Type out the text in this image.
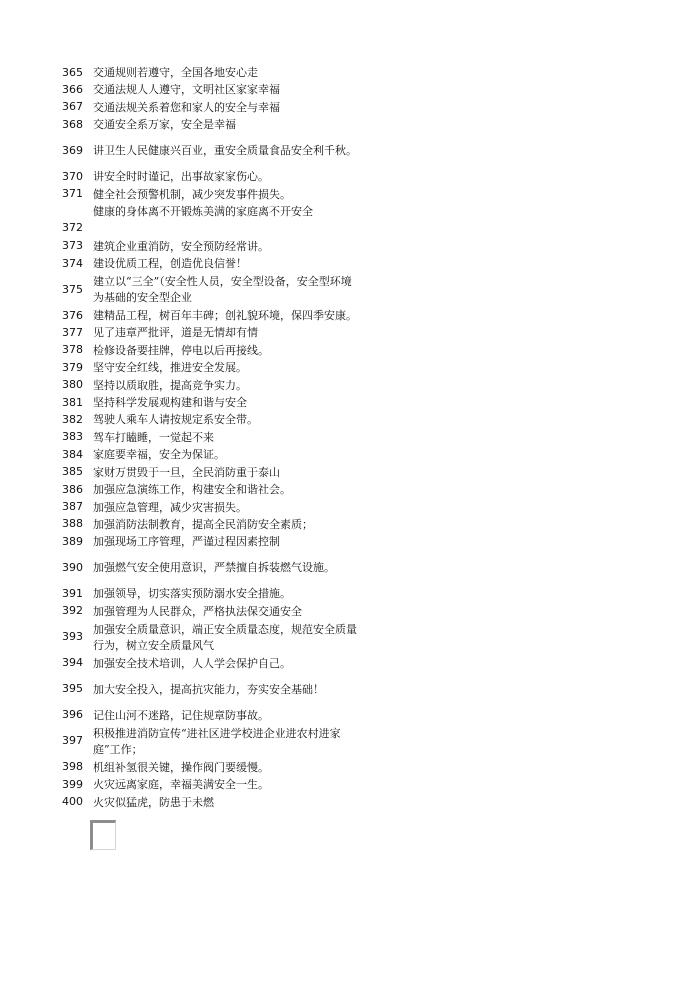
365 交通规则若遵守，全国各地安心走
366 交通法规人人遵守，文明社区家家幸福
367 交通法规关系着您和家人的安全与幸福
368 交通安全系万家，安全是幸福
369 讲卫生人民健康兴百业，重安全质量食品安全利千秋。
370 讲安全时时谨记，出事故家家伤心。
371 健全社会预警机制，减少突发事件损失。
372
健康的身体离不开锻炼美满的家庭离不开安全
373 建筑企业重消防，安全预防经常讲。
374 建设优质工程，创造优良信誉！
375
建立以“三全”（安全性人员，安全型设备，安全型环境为基础的安全型企业
376 建精品工程，树百年丰碑；创礼貌环境，保四季安康。
377 见了违章严批评，道是无情却有情
378 检修设备要挂牌，停电以后再接线。
379 坚守安全红线，推进安全发展。
380 坚持以质取胜，提高竞争实力。
381 坚持科学发展观构建和谐与安全
382 驾驶人乘车人请按规定系安全带。
383 驾车打瞌睡，一觉起不来
384 家庭要幸福，安全为保证。
385 家财万贯毁于一旦，全民消防重于泰山
386 加强应急演练工作，构建安全和谐社会。
387 加强应急管理，减少灾害损失。
388 加强消防法制教育，提高全民消防安全素质；
389 加强现场工序管理，严谨过程因素控制
390 加强燃气安全使用意识，严禁擅自拆装燃气设施。
391 加强领导，切实落实预防溺水安全措施。
392 加强管理为人民群众，严格执法保交通安全
393
加强安全质量意识，端正安全质量态度，规范安全质量行为，树立安全质量风气
394 加强安全技术培训，人人学会保护自己。
395 加大安全投入，提高抗灾能力，夯实安全基础！
396 记住山河不迷路，记住规章防事故。
397
积极推进消防宣传“进社区进学校进企业进农村进家庭”工作；
398 机组补氢很关键，操作阀门要缓慢。
399 火灾远离家庭，幸福美满安全一生。
400 火灾似猛虎，防患于未燃
